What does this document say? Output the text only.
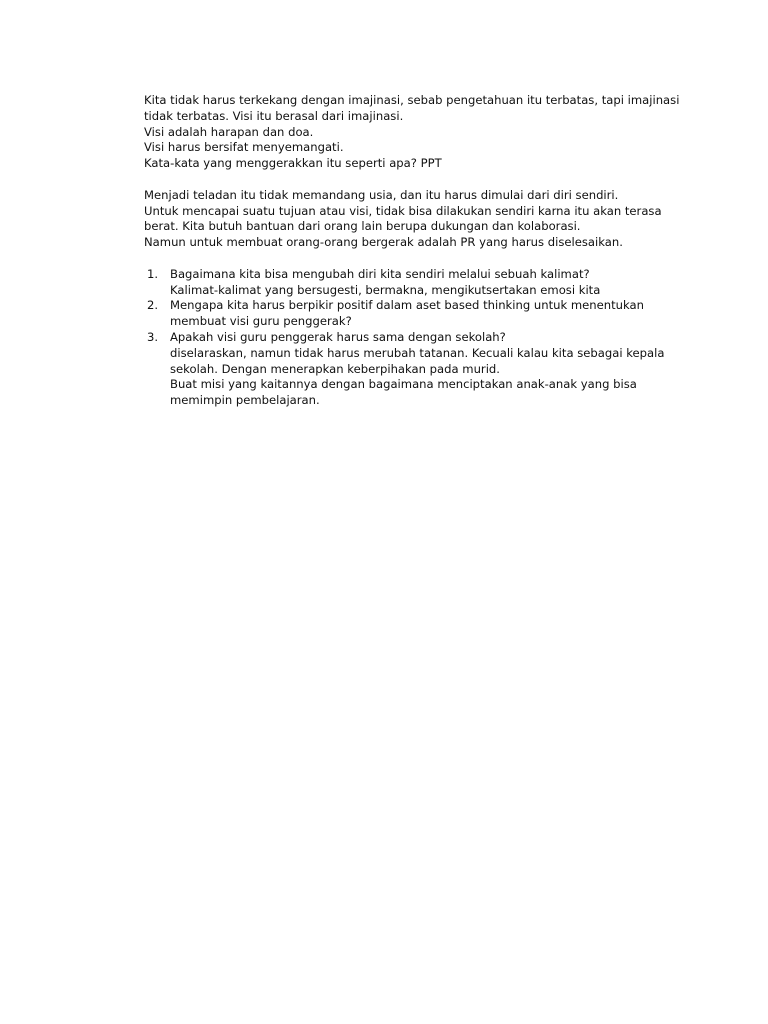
Kita tidak harus terkekang dengan imajinasi, sebab pengetahuan itu terbatas, tapi imajinasi
tidak terbatas. Visi itu berasal dari imajinasi.
Visi adalah harapan dan doa.
Visi harus bersifat menyemangati.
Kata-kata yang menggerakkan itu seperti apa? PPT
Menjadi teladan itu tidak memandang usia, dan itu harus dimulai dari diri sendiri.
Untuk mencapai suatu tujuan atau visi, tidak bisa dilakukan sendiri karna itu akan terasa
berat. Kita butuh bantuan dari orang lain berupa dukungan dan kolaborasi.
Namun untuk membuat orang-orang bergerak adalah PR yang harus diselesaikan.
1. Bagaimana kita bisa mengubah diri kita sendiri melalui sebuah kalimat?
Kalimat-kalimat yang bersugesti, bermakna, mengikutsertakan emosi kita
2. Mengapa kita harus berpikir positif dalam aset based thinking untuk menentukan
membuat visi guru penggerak?
3. Apakah visi guru penggerak harus sama dengan sekolah?
diselaraskan, namun tidak harus merubah tatanan. Kecuali kalau kita sebagai kepala
sekolah. Dengan menerapkan keberpihakan pada murid.
Buat misi yang kaitannya dengan bagaimana menciptakan anak-anak yang bisa
memimpin pembelajaran.
